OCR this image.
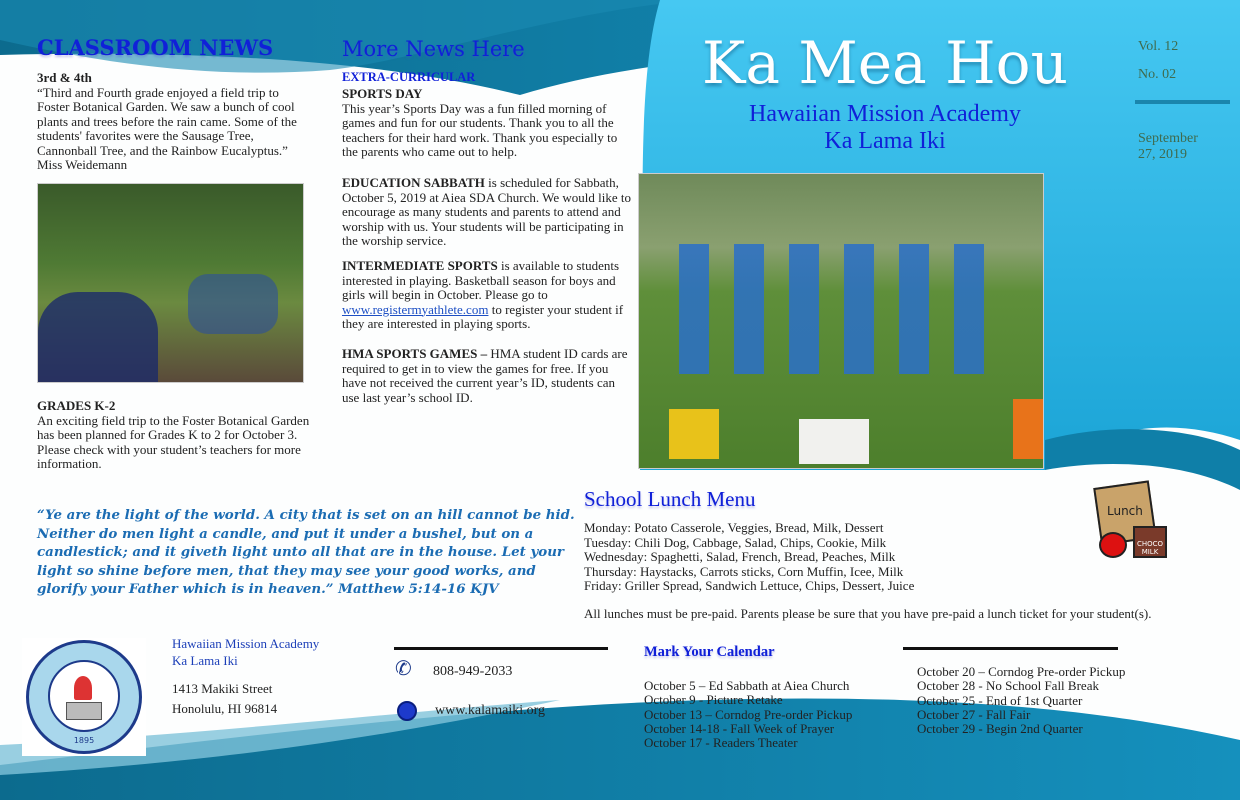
Ka Mea Hou
Hawaiian Mission Academy
Ka Lama Iki
Vol. 12
No. 02
September
27, 2019
CLASSROOM NEWS
3rd & 4th

“Third and Fourth grade enjoyed a field trip to Foster Botanical Garden. We saw a bunch of cool plants and trees before the rain came. Some of the students' favorites were the Sausage Tree, Cannonball Tree, and the Rainbow Eucalyptus.”

Miss Weidemann

GRADES K-2

An exciting field trip to the Foster Botanical Garden has been planned for Grades K to 2 for October 3. Please check with your student’s teachers for more information.

More News Here
EXTRA-CURRICULAR
SPORTS DAY

This year’s Sports Day was a fun filled morning of games and fun for our students. Thank you to all the teachers for their hard work. Thank you especially to the parents who came out to help.

EDUCATION SABBATH is scheduled for Sabbath, October 5, 2019 at Aiea SDA Church. We would like to encourage as many students and parents to attend and worship with us. Your students will be participating in the worship service.

INTERMEDIATE SPORTS is available to students interested in playing. Basketball season for boys and girls will begin in October. Please go to www.registermyathlete.com to register your student if they are interested in playing sports.

HMA SPORTS GAMES – HMA student ID cards are required to get in to view the games for free. If you have not received the current year’s ID, students can use last year’s school ID.

“Ye are the light of the world. A city that is set on an hill cannot be hid. Neither do men light a candle, and put it under a bushel, but on a candlestick; and it giveth light unto all that are in the house. Let your light so shine before men, that they may see your good works, and glorify your Father which is in heaven.” Matthew 5:14-16 KJV
School Lunch Menu
Monday: Potato Casserole, Veggies, Bread, Milk, Dessert
Tuesday: Chili Dog, Cabbage, Salad, Chips, Cookie, Milk
Wednesday: Spaghetti, Salad, French, Bread, Peaches, Milk
Thursday: Haystacks, Carrots sticks, Corn Muffin, Icee, Milk
Friday: Griller Spread, Sandwich Lettuce, Chips, Dessert, Juice
All lunches must be pre-paid. Parents please be sure that you have pre-paid a lunch ticket for your student(s).
Lunch
CHOCO MILK
1895
Hawaiian Mission Academy
Ka Lama Iki
1413 Makiki Street
Honolulu, HI 96814
✆ 808-949-2033
www.kalamaiki.org
Mark Your Calendar
October 5 – Ed Sabbath at Aiea Church
October 9 - Picture Retake
October 13 – Corndog Pre-order Pickup
October 14-18 - Fall Week of Prayer
October 17 - Readers Theater
October 20 – Corndog Pre-order Pickup
October 28 - No School Fall Break
October 25 - End of 1st Quarter
October 27 - Fall Fair
October 29 - Begin 2nd Quarter
